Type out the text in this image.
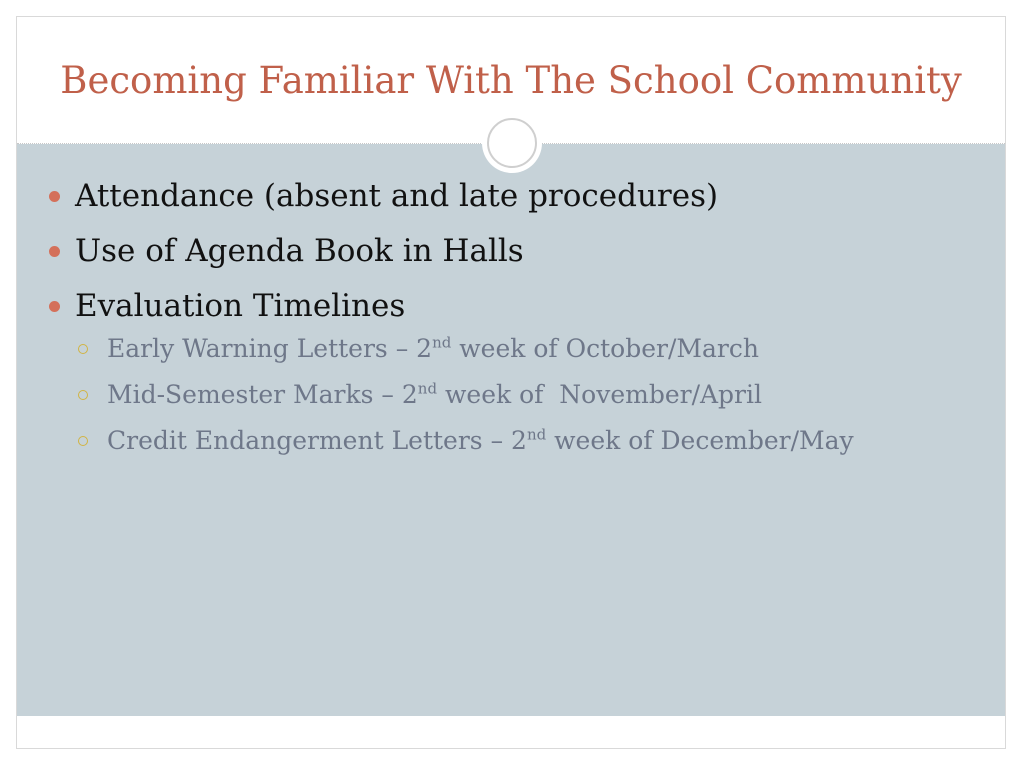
Becoming Familiar With The School Community
Attendance (absent and late procedures)
Use of Agenda Book in Halls
Evaluation Timelines
Early Warning Letters – 2nd week of October/March
Mid-Semester Marks – 2nd week of  November/April
Credit Endangerment Letters – 2nd week of December/May
